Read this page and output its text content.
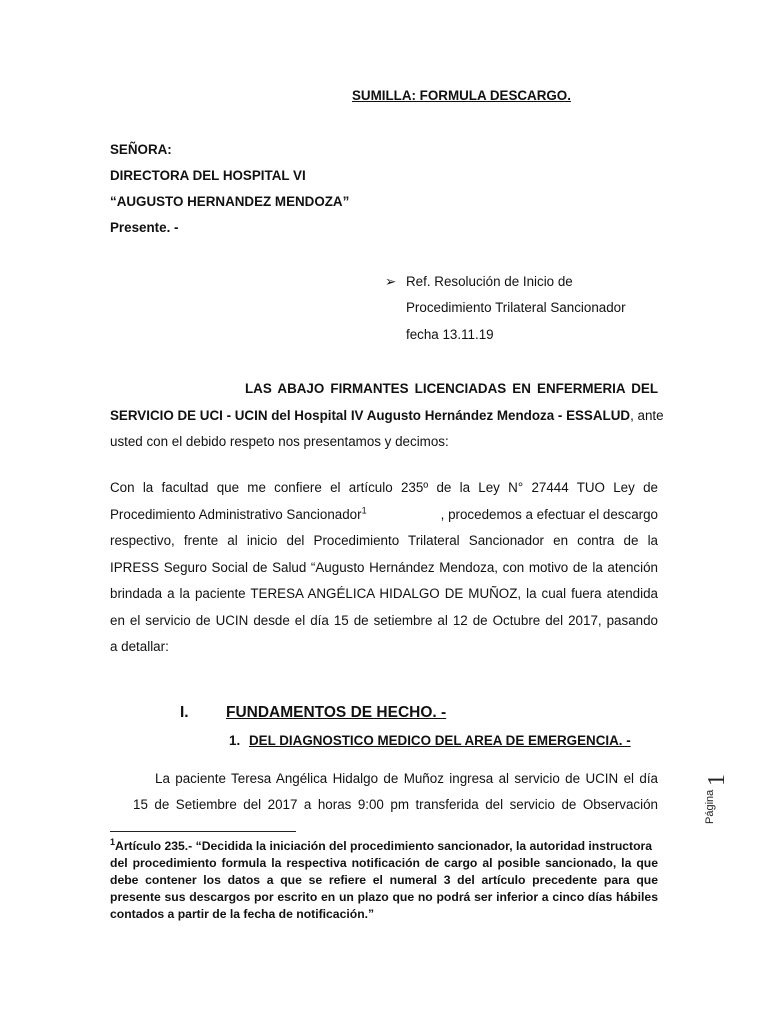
SUMILLA: FORMULA DESCARGO.
SEÑORA:
DIRECTORA DEL HOSPITAL VI
“AUGUSTO HERNANDEZ MENDOZA”
Presente. -
➢ Ref. Resolución de Inicio de
Procedimiento Trilateral Sancionador
fecha 13.11.19
LAS ABAJO FIRMANTES LICENCIADAS EN ENFERMERIA DEL
SERVICIO DE UCI - UCIN del Hospital IV Augusto Hernández Mendoza - ESSALUD, ante
usted con el debido respeto nos presentamos y decimos:
Con la facultad que me confiere el artículo 235º de la Ley N° 27444 TUO Ley de
Procedimiento Administrativo Sancionador$^1$	, procedemos a efectuar el descargo
respectivo, frente al inicio del Procedimiento Trilateral Sancionador en contra de la
IPRESS Seguro Social de Salud “Augusto Hernández Mendoza, con motivo de la atención
brindada a la paciente TERESA ANGÉLICA HIDALGO DE MUÑOZ, la cual fuera atendida
en el servicio de UCIN desde el día 15 de setiembre al 12 de Octubre del 2017, pasando
a detallar:
I. FUNDAMENTOS DE HECHO. -
1. DEL DIAGNOSTICO MEDICO DEL AREA DE EMERGENCIA. -
La paciente Teresa Angélica Hidalgo de Muñoz ingresa al servicio de UCIN el día
15 de Setiembre del 2017 a horas 9:00 pm transferida del servicio de Observación
$^1$Artículo 235.- “Decidida la iniciación del procedimiento sancionador, la autoridad instructora
del procedimiento formula la respectiva notificación de cargo al posible sancionado, la que
debe contener los datos a que se refiere el numeral 3 del artículo precedente para que
presente sus descargos por escrito en un plazo que no podrá ser inferior a cinco días hábiles
contados a partir de la fecha de notificación.”
Página
1
